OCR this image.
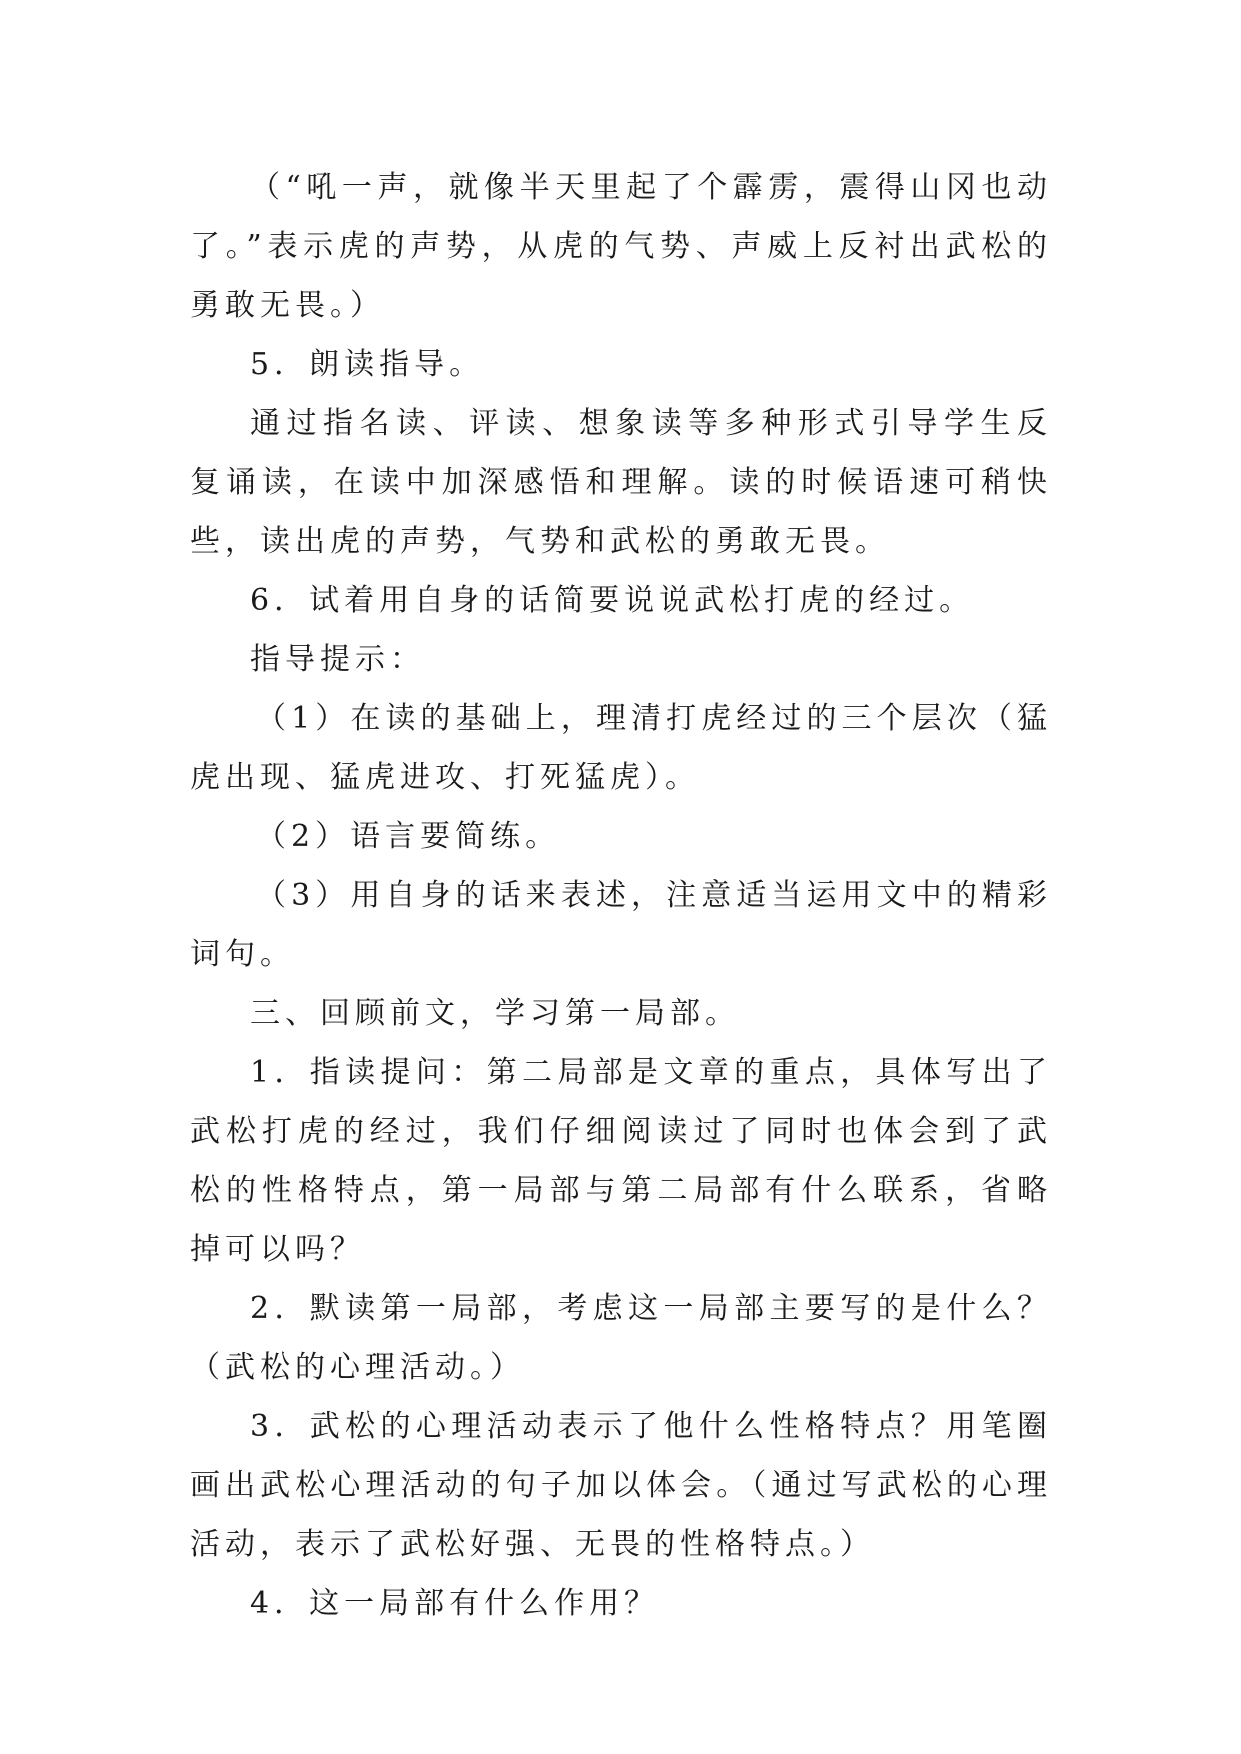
（“吼一声，就像半天里起了个霹雳，震得山冈也动了。”表示虎的声势，从虎的气势、声威上反衬出武松的勇敢无畏。）

5．朗读指导。

通过指名读、评读、想象读等多种形式引导学生反复诵读，在读中加深感悟和理解。读的时候语速可稍快些，读出虎的声势，气势和武松的勇敢无畏。

6．试着用自身的话简要说说武松打虎的经过。

指导提示：

（1）在读的基础上，理清打虎经过的三个层次（猛虎出现、猛虎进攻、打死猛虎）。

（2）语言要简练。

（3）用自身的话来表述，注意适当运用文中的精彩词句。

三、回顾前文，学习第一局部。

1．指读提问：第二局部是文章的重点，具体写出了武松打虎的经过，我们仔细阅读过了同时也体会到了武松的性格特点，第一局部与第二局部有什么联系，省略掉可以吗？

2．默读第一局部，考虑这一局部主要写的是什么？（武松的心理活动。）

3．武松的心理活动表示了他什么性格特点？用笔圈画出武松心理活动的句子加以体会。（通过写武松的心理活动，表示了武松好强、无畏的性格特点。）

4．这一局部有什么作用？
